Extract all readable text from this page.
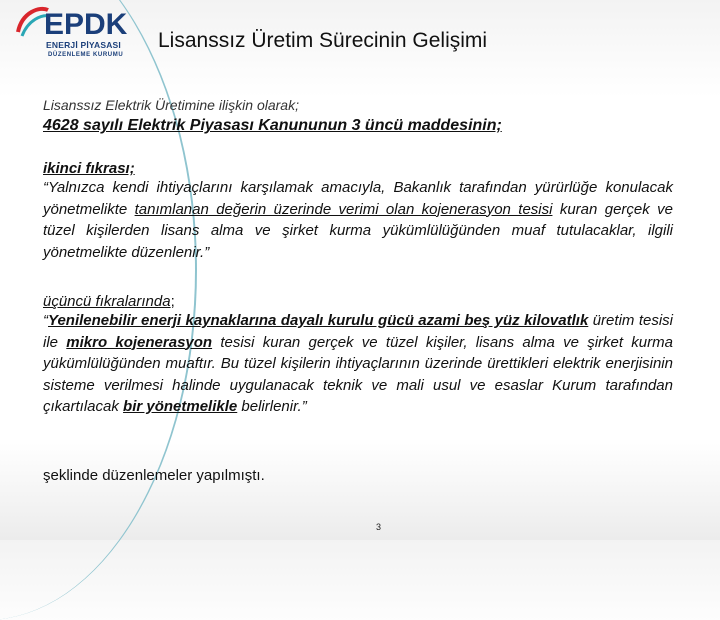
EPDK
ENERJİ PİYASASI
DÜZENLEME KURUMU
Lisanssız Üretim Sürecinin Gelişimi

Lisanssız Elektrik Üretimine ilişkin olarak;

4628 sayılı Elektrik Piyasası Kanununun 3 üncü maddesinin;

ikinci fıkrası;

“Yalnızca kendi ihtiyaçlarını karşılamak amacıyla, Bakanlık tarafından yürürlüğe konulacak yönetmelikte tanımlanan değerin üzerinde verimi olan kojenerasyon tesisi kuran gerçek ve tüzel kişilerden lisans alma ve şirket kurma yükümlülüğünden muaf tutulacaklar, ilgili yönetmelikte düzenlenir.”

üçüncü fıkralarında;

“Yenilenebilir enerji kaynaklarına dayalı kurulu gücü azami beş yüz kilovatlık üretim tesisi ile mikro kojenerasyon tesisi kuran gerçek ve tüzel kişiler, lisans alma ve şirket kurma yükümlülüğünden muaftır. Bu tüzel kişilerin ihtiyaçlarının üzerinde ürettikleri elektrik enerjisinin sisteme verilmesi halinde uygulanacak teknik ve mali usul ve esaslar Kurum tarafından çıkartılacak bir yönetmelikle belirlenir.”

şeklinde düzenlemeler yapılmıştı.
3
